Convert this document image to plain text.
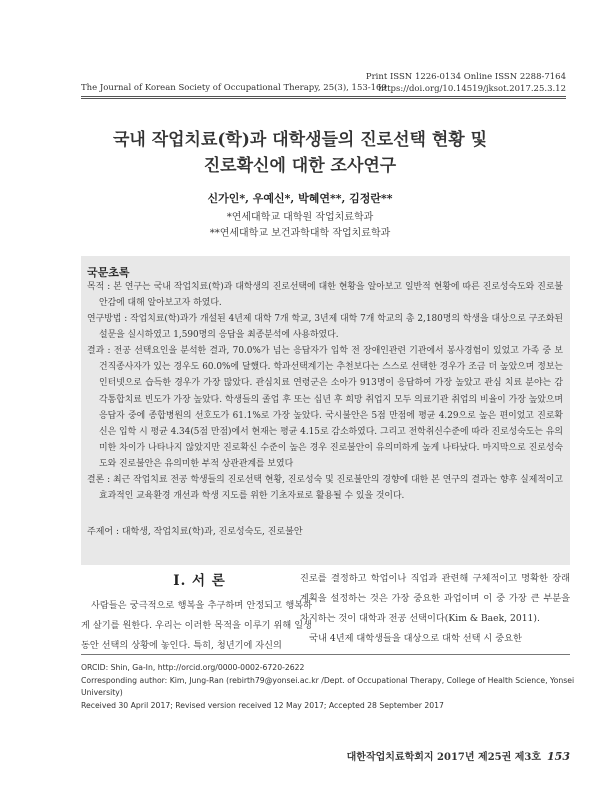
Print ISSN 1226-0134 Online ISSN 2288-7164
https://doi.org/10.14519/jksot.2017.25.3.12
The Journal of Korean Society of Occupational Therapy, 25(3), 153-169
국내 작업치료(학)과 대학생들의 진로선택 현황 및
진로확신에 대한 조사연구
신가인*, 우예신*, 박혜연**, 김정란**
*연세대학교 대학원 작업치료학과
**연세대학교 보건과학대학 작업치료학과
국문초록
목적 : 본 연구는 국내 작업치료(학)과 대학생의 진로선택에 대한 현황을 알아보고 일반적 현황에 따른 진로성숙도와 진로불안감에 대해 알아보고자 하였다.
연구방법 : 작업치료(학)과가 개설된 4년제 대학 7개 학교, 3년제 대학 7개 학교의 총 2,180명의 학생을 대상으로 구조화된 설문을 실시하였고 1,590명의 응답을 최종분석에 사용하였다.
결과 : 전공 선택요인을 분석한 결과, 70.0%가 넘는 응답자가 입학 전 장애인관련 기관에서 봉사경험이 있었고 가족 중 보건직종사자가 있는 경우도 60.0%에 달했다. 학과선택계기는 추천보다는 스스로 선택한 경우가 조금 더 높았으며 정보는 인터넷으로 습득한 경우가 가장 많았다. 관심치료 연령군은 소아가 913명이 응답하여 가장 높았고 관심 치료 분야는 감각통합치료 빈도가 가장 높았다. 학생들의 졸업 후 또는 십년 후 희망 취업지 모두 의료기관 취업의 비율이 가장 높았으며 응답자 중에 종합병원의 선호도가 61.1%로 가장 높았다. 국시불안은 5점 만점에 평균 4.29으로 높은 편이었고 진로확신은 입학 시 평균 4.34(5점 만점)에서 현재는 평균 4.15로 감소하였다. 그리고 전학취신수준에 따라 진로성숙도는 유의미한 차이가 나타나지 않았지만 진로확신 수준이 높은 경우 진로불안이 유의미하게 높게 나타났다. 마지막으로 진로성숙도와 진로불안은 유의미한 부적 상관관계를 보였다
결론 : 최근 작업치료 전공 학생들의 진로선택 현황, 진로성숙 및 진로불안의 경향에 대한 본 연구의 결과는 향후 실제적이고 효과적인 교육환경 개선과 학생 지도를 위한 기초자료로 활용될 수 있을 것이다.
주제어 : 대학생, 작업치료(학)과, 진로성숙도, 진로불안
Ⅰ. 서 론
사람들은 궁극적으로 행복을 추구하며 안정되고 행복하게 살기를 원한다. 우리는 이러한 목적을 이루기 위해 일생동안 선택의 상황에 놓인다. 특히, 청년기에 자신의

진로를 결정하고 학업이나 직업과 관련해 구체적이고 명확한 장래 계획을 설정하는 것은 가장 중요한 과업이며 이 중 가장 큰 부분을 차지하는 것이 대학과 전공 선택이다(Kim & Baek, 2011).

　국내 4년제 대학생들을 대상으로 대학 선택 시 중요한

ORCID: Shin, Ga-In, http://orcid.org/0000-0002-6720-2622
Corresponding author: Kim, Jung-Ran (rebirth79@yonsei.ac.kr /Dept. of Occupational Therapy, College of Health Science, Yonsei University)
Received 30 April 2017; Revised version received 12 May 2017; Accepted 28 September 2017
대한작업치료학회지 2017년 제25권 제3호 153
